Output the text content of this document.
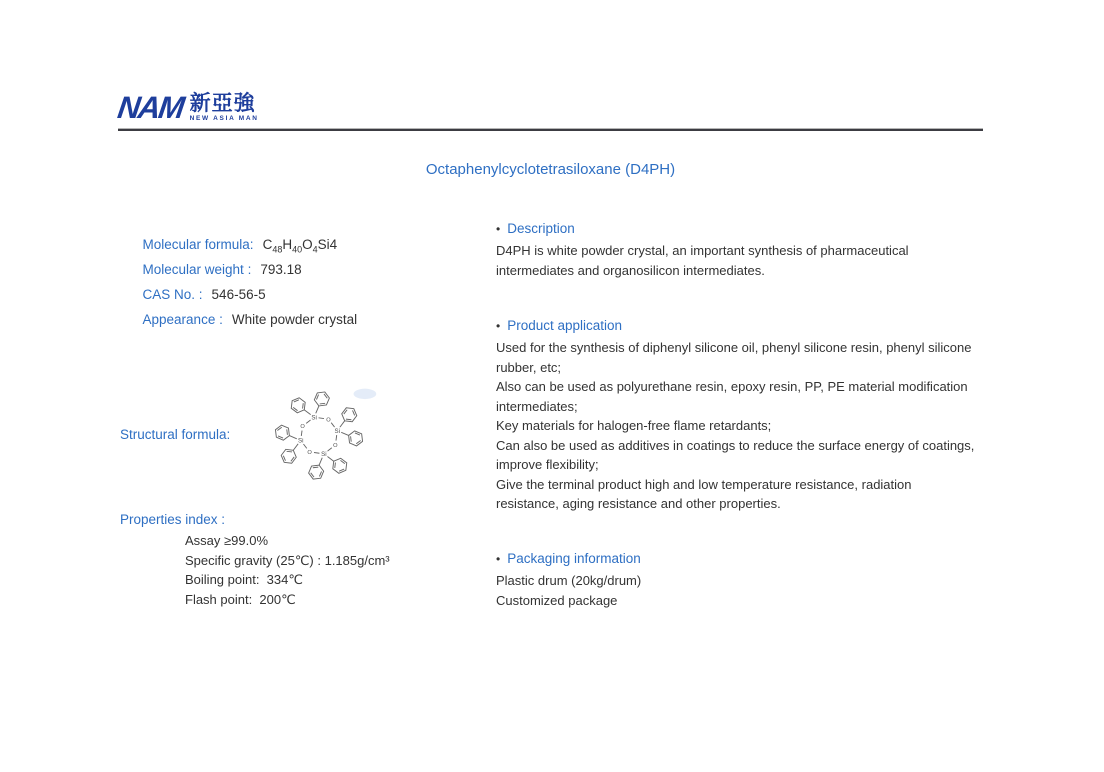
NAM 新亞強
NEW ASIA MAN
Octaphenylcyclotetrasiloxane (D4PH)

Molecular formula: $C_{48}H_{40}O_4Si4$

Molecular weight : 793.18

CAS No. : 546-56-5

Appearance : White powder crystal

Structural formula:
Si O
Si
O
Si
O
Si
O
Properties index :
Assay ≥99.0%
Specific gravity (25℃) : 1.185g/cm³
Boiling point:  334℃
Flash point:  200℃
• Description

D4PH is white powder crystal, an important synthesis of pharmaceutical intermediates and organosilicon intermediates.

• Product application

Used for the synthesis of diphenyl silicone oil, phenyl silicone resin, phenyl silicone rubber, etc;

Also can be used as polyurethane resin, epoxy resin, PP, PE material modification intermediates;

Key materials for halogen-free flame retardants;

Can also be used as additives in coatings to reduce the surface energy of coatings, improve flexibility;

Give the terminal product high and low temperature resistance, radiation resistance, aging resistance and other properties.

• Packaging information

Plastic drum (20kg/drum)

Customized package
